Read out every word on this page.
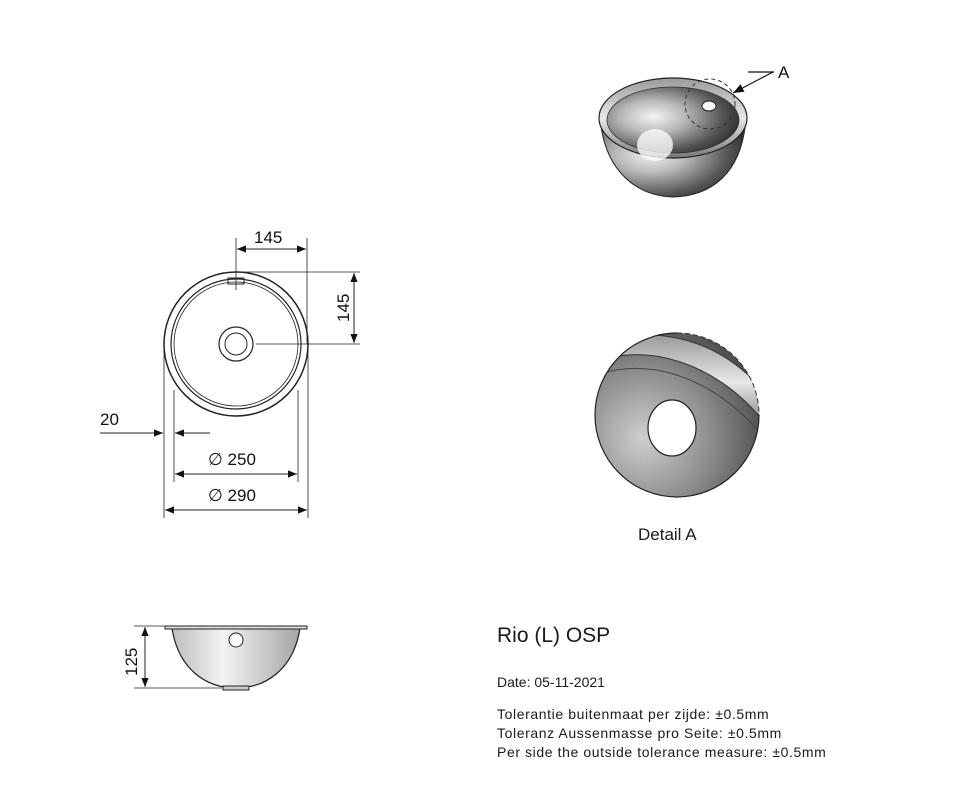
145
145
20
∅ 250
∅ 290
125
A
Detail A
Rio (L) OSP
Date: 05-11-2021
Tolerantie buitenmaat per zijde: ±0.5mm
Toleranz Aussenmasse pro Seite: ±0.5mm
Per side the outside tolerance measure: ±0.5mm
